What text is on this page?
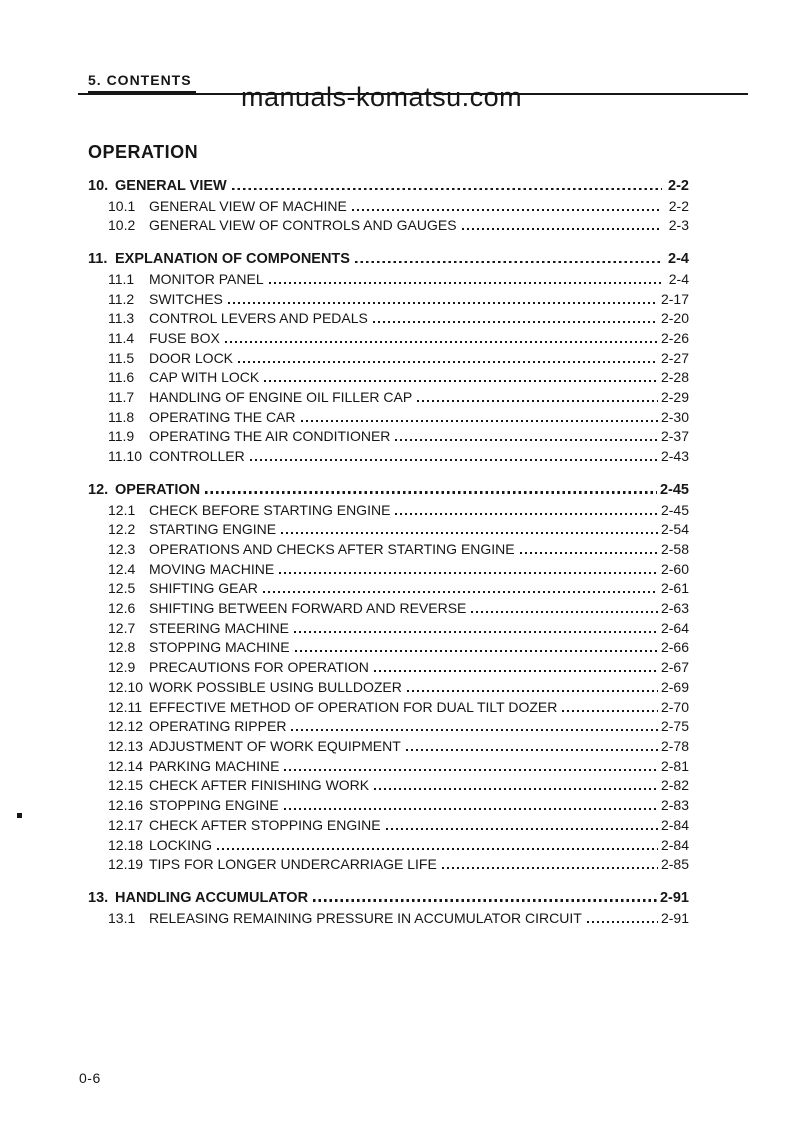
5. CONTENTS
manuals-komatsu.com
OPERATION
10. GENERAL VIEW	2-2
10.1 GENERAL VIEW OF MACHINE	2-2
10.2 GENERAL VIEW OF CONTROLS AND GAUGES	2-3
11. EXPLANATION OF COMPONENTS	2-4
11.1	MONITOR PANEL	2-4
11.2	SWITCHES	2-17
11.3	CONTROL LEVERS AND PEDALS	2-20
11.4	FUSE BOX	2-26
11.5	DOOR LOCK	2-27
11.6	CAP WITH LOCK	2-28
11.7	HANDLING OF ENGINE OIL FILLER CAP	2-29
11.8	OPERATING THE CAR	2-30
11.9	OPERATING THE AIR CONDITIONER	2-37
11.10 CONTROLLER	2-43
12. OPERATION	2-45
12.1 CHECK BEFORE STARTING ENGINE	2-45
12.2 STARTING ENGINE	2-54
12.3 OPERATIONS AND CHECKS AFTER STARTING ENGINE	2-58
12.4 MOVING MACHINE	2-60
12.5 SHIFTING GEAR	2-61
12.6 SHIFTING BETWEEN FORWARD AND REVERSE	2-63
12.7 STEERING MACHINE	2-64
12.8 STOPPING MACHINE	2-66
12.9 PRECAUTIONS FOR OPERATION	2-67
12.10 WORK POSSIBLE USING BULLDOZER	2-69
12.11 EFFECTIVE METHOD OF OPERATION FOR DUAL TILT DOZER	2-70
12.12 OPERATING RIPPER	2-75
12.13 ADJUSTMENT OF WORK EQUIPMENT	2-78
12.14 PARKING MACHINE	2-81
12.15 CHECK AFTER FINISHING WORK	2-82
12.16 STOPPING ENGINE	2-83
12.17 CHECK AFTER STOPPING ENGINE	2-84
12.18 LOCKING	2-84
12.19 TIPS FOR LONGER UNDERCARRIAGE LIFE	2-85
13. HANDLING ACCUMULATOR	2-91
13.1 RELEASING REMAINING PRESSURE IN ACCUMULATOR CIRCUIT	2-91
0-6
